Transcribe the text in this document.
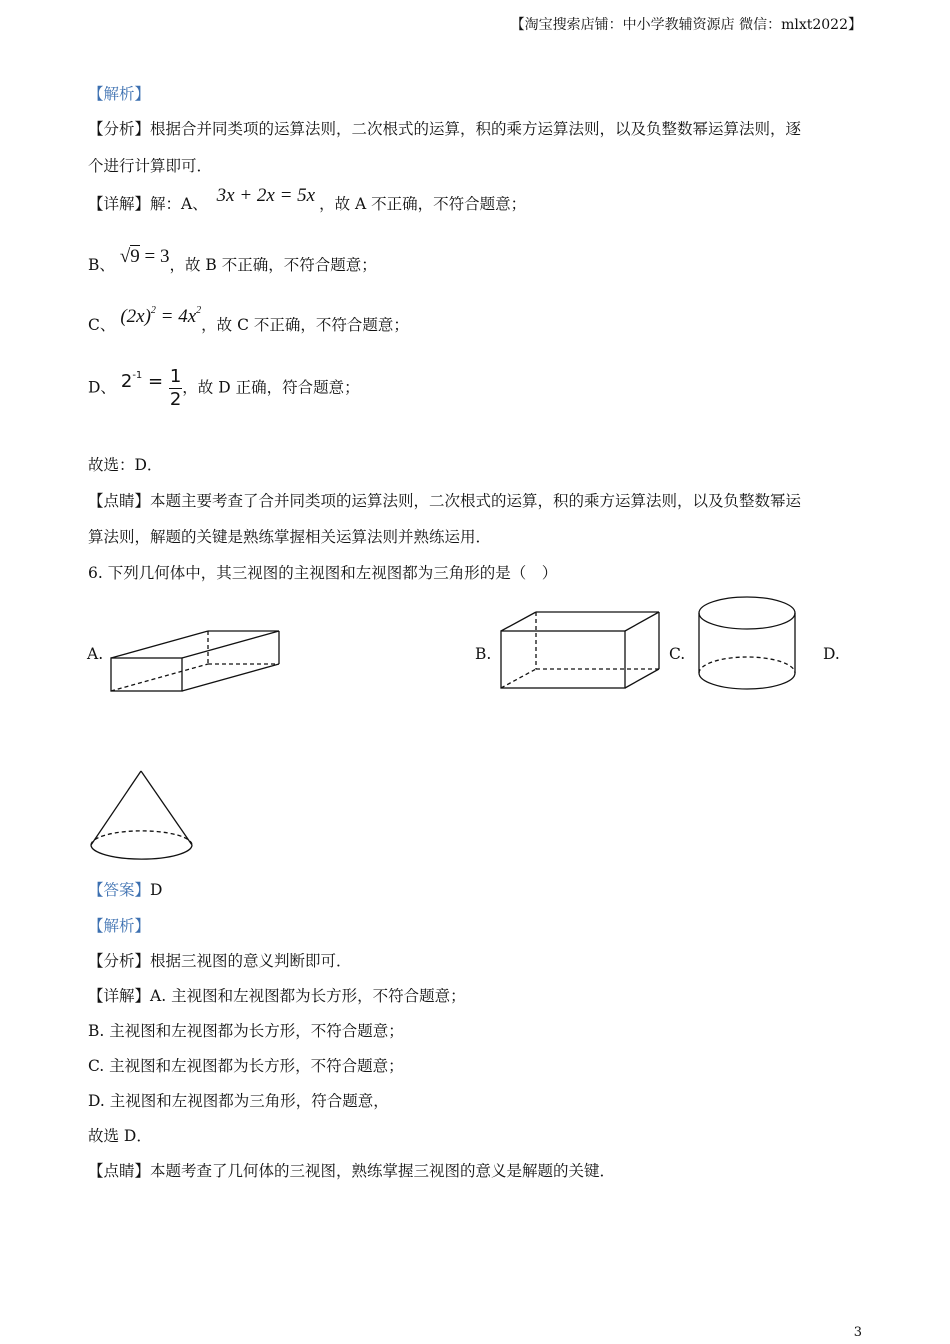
【淘宝搜索店铺：中小学教辅资源店 微信：mlxt2022】
【解析】
【分析】根据合并同类项的运算法则，二次根式的运算，积的乘方运算法则，以及负整数幂运算法则，逐
个进行计算即可．
【详解】解：A、 3x + 2x = 5x ，故 A 不正确，不符合题意；
B、 √9 = 3，故 B 不正确，不符合题意；
C、 $(2x)^2 = 4x^2$，故 C 不正确，不符合题意；
D、 $2^{-1} = \frac{1}{2}$ ，故 D 正确，符合题意；
故选：D．
【点睛】本题主要考查了合并同类项的运算法则，二次根式的运算，积的乘方运算法则，以及负整数幂运
算法则，解题的关键是熟练掌握相关运算法则并熟练运用．
6. 下列几何体中，其三视图的主视图和左视图都为三角形的是（　）
A.	B.	C.	D.
【答案】D
【解析】
【分析】根据三视图的意义判断即可．
【详解】A. 主视图和左视图都为长方形，不符合题意；
B. 主视图和左视图都为长方形，不符合题意；
C. 主视图和左视图都为长方形，不符合题意；
D. 主视图和左视图都为三角形，符合题意，
故选 D．
【点睛】本题考查了几何体的三视图，熟练掌握三视图的意义是解题的关键．
3
